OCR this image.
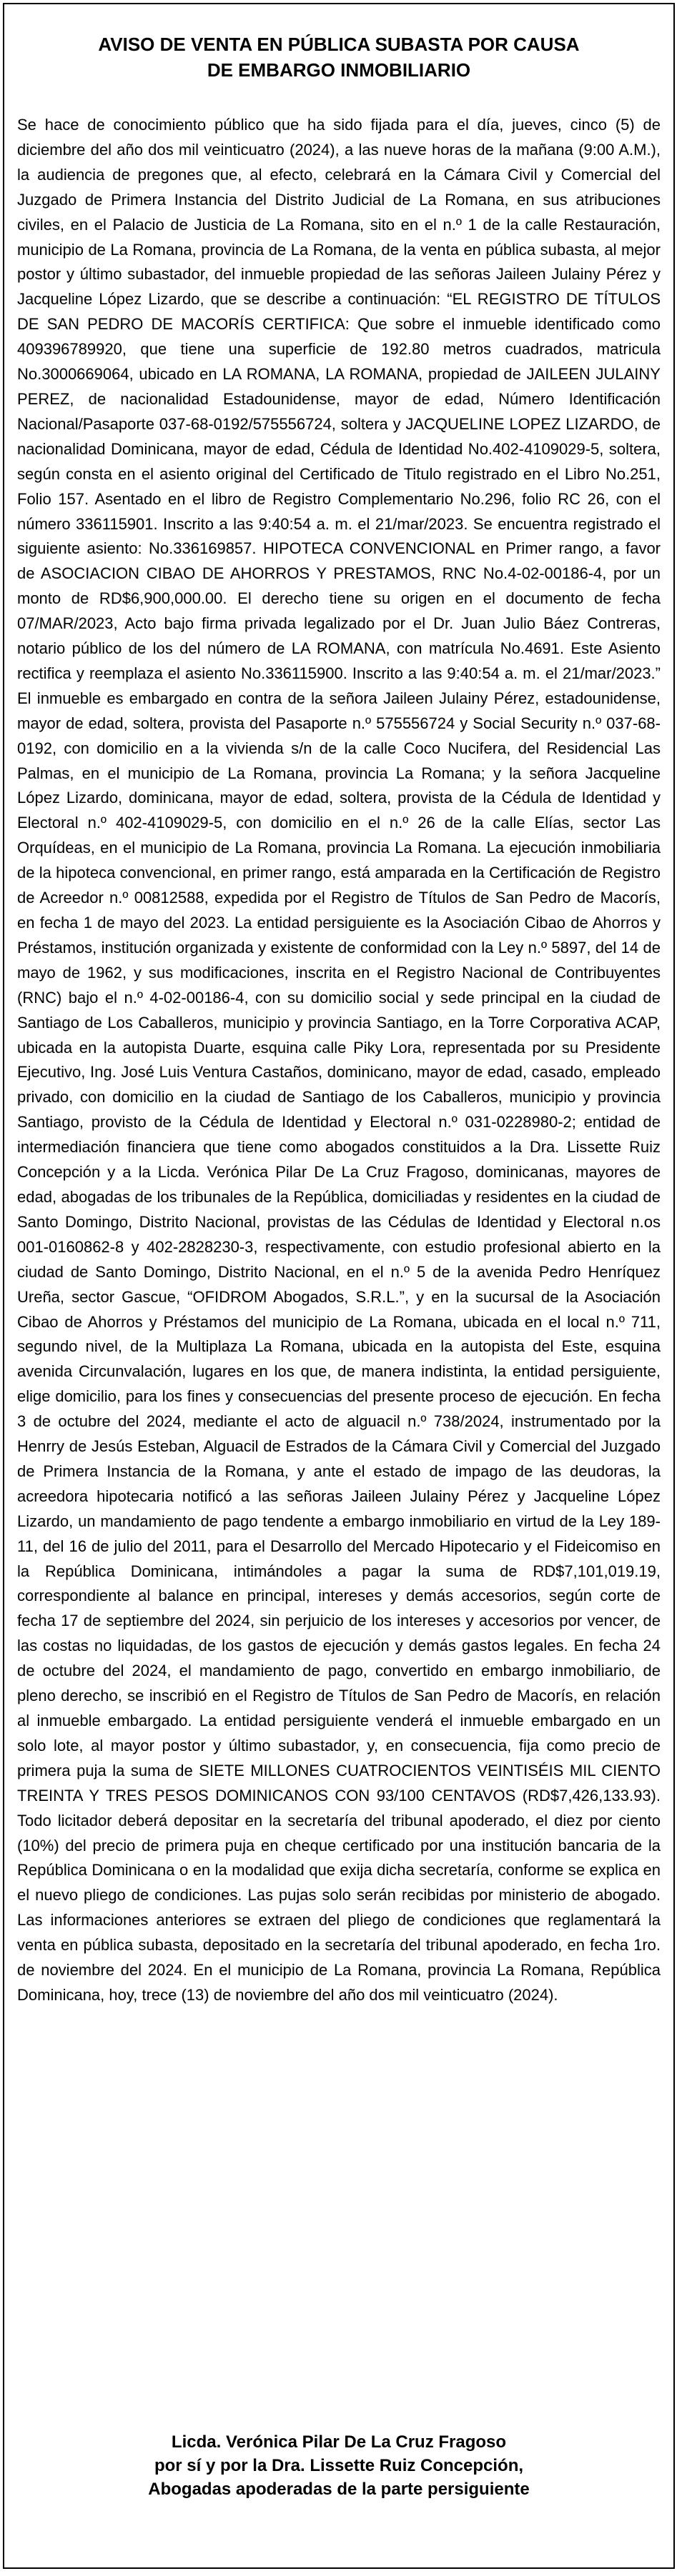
AVISO DE VENTA EN PÚBLICA SUBASTA POR CAUSA
DE EMBARGO INMOBILIARIO

Se hace de conocimiento público que ha sido fijada para el día, jueves, cinco (5) de diciembre del año dos mil veinticuatro (2024), a las nueve horas de la mañana (9:00 A.M.), la audiencia de pregones que, al efecto, celebrará en la Cámara Civil y Comercial del Juzgado de Primera Instancia del Distrito Judicial de La Romana, en sus atribuciones civiles, en el Palacio de Justicia de La Romana, sito en el n.º 1 de la calle Restauración, municipio de La Romana, provincia de La Romana, de la venta en pública subasta, al mejor postor y último subastador, del inmueble propiedad de las señoras Jaileen Julainy Pérez y Jacqueline López Lizardo, que se describe a continuación: “EL REGISTRO DE TÍTULOS DE SAN PEDRO DE MACORÍS CERTIFICA: Que sobre el inmueble identificado como 409396789920, que tiene una superficie de 192.80 metros cuadrados, matricula No.3000669064, ubicado en LA ROMANA, LA ROMANA, propiedad de JAILEEN JULAINY PEREZ, de nacionalidad Estadounidense, mayor de edad, Número Identificación Nacional/Pasaporte 037-68-0192/575556724, soltera y JACQUELINE LOPEZ LIZARDO, de nacionalidad Dominicana, mayor de edad, Cédula de Identidad No.402-4109029-5, soltera, según consta en el asiento original del Certificado de Titulo registrado en el Libro No.251, Folio 157. Asentado en el libro de Registro Complementario No.296, folio RC 26, con el número 336115901. Inscrito a las 9:40:54 a. m. el 21/mar/2023. Se encuentra registrado el siguiente asiento: No.336169857. HIPOTECA CONVENCIONAL en Primer rango, a favor de ASOCIACION CIBAO DE AHORROS Y PRESTAMOS, RNC No.4-02-00186-4, por un monto de RD$6,900,000.00. El derecho tiene su origen en el documento de fecha 07/MAR/2023, Acto bajo firma privada legalizado por el Dr. Juan Julio Báez Contreras, notario público de los del número de LA ROMANA, con matrícula No.4691. Este Asiento rectifica y reemplaza el asiento No.336115900. Inscrito a las 9:40:54 a. m. el 21/mar/2023.” El inmueble es embargado en contra de la señora Jaileen Julainy Pérez, estadounidense, mayor de edad, soltera, provista del Pasaporte n.º 575556724 y Social Security n.º 037-68-0192, con domicilio en a la vivienda s/n de la calle Coco Nucifera, del Residencial Las Palmas, en el municipio de La Romana, provincia La Romana; y la señora Jacqueline López Lizardo, dominicana, mayor de edad, soltera, provista de la Cédula de Identidad y Electoral n.º 402-4109029-5, con domicilio en el n.º 26 de la calle Elías, sector Las Orquídeas, en el municipio de La Romana, provincia La Romana. La ejecución inmobiliaria de la hipoteca convencional, en primer rango, está amparada en la Certificación de Registro de Acreedor n.º 00812588, expedida por el Registro de Títulos de San Pedro de Macorís, en fecha 1 de mayo del 2023. La entidad persiguiente es la Asociación Cibao de Ahorros y Préstamos, institución organizada y existente de conformidad con la Ley n.º 5897, del 14 de mayo de 1962, y sus modificaciones, inscrita en el Registro Nacional de Contribuyentes (RNC) bajo el n.º 4-02-00186-4, con su domicilio social y sede principal en la ciudad de Santiago de Los Caballeros, municipio y provincia Santiago, en la Torre Corporativa ACAP, ubicada en la autopista Duarte, esquina calle Piky Lora, representada por su Presidente Ejecutivo, Ing. José Luis Ventura Castaños, dominicano, mayor de edad, casado, empleado privado, con domicilio en la ciudad de Santiago de los Caballeros, municipio y provincia Santiago, provisto de la Cédula de Identidad y Electoral n.º 031-0228980-2; entidad de intermediación financiera que tiene como abogados constituidos a la Dra. Lissette Ruiz Concepción y a la Licda. Verónica Pilar De La Cruz Fragoso, dominicanas, mayores de edad, abogadas de los tribunales de la República, domiciliadas y residentes en la ciudad de Santo Domingo, Distrito Nacional, provistas de las Cédulas de Identidad y Electoral n.os 001-0160862-8 y 402-2828230-3, respectivamente, con estudio profesional abierto en la ciudad de Santo Domingo, Distrito Nacional, en el n.º 5 de la avenida Pedro Henríquez Ureña, sector Gascue, “OFIDROM Abogados, S.R.L.”, y en la sucursal de la Asociación Cibao de Ahorros y Préstamos del municipio de La Romana, ubicada en el local n.º 711, segundo nivel, de la Multiplaza La Romana, ubicada en la autopista del Este, esquina avenida Circunvalación, lugares en los que, de manera indistinta, la entidad persiguiente, elige domicilio, para los fines y consecuencias del presente proceso de ejecución. En fecha 3 de octubre del 2024, mediante el acto de alguacil n.º 738/2024, instrumentado por la Henrry de Jesús Esteban, Alguacil de Estrados de la Cámara Civil y Comercial del Juzgado de Primera Instancia de la Romana, y ante el estado de impago de las deudoras, la acreedora hipotecaria notificó a las señoras Jaileen Julainy Pérez y Jacqueline López Lizardo, un mandamiento de pago tendente a embargo inmobiliario en virtud de la Ley 189-11, del 16 de julio del 2011, para el Desarrollo del Mercado Hipotecario y el Fideicomiso en la República Dominicana, intimándoles a pagar la suma de RD$7,101,019.19, correspondiente al balance en principal, intereses y demás accesorios, según corte de fecha 17 de septiembre del 2024, sin perjuicio de los intereses y accesorios por vencer, de las costas no liquidadas, de los gastos de ejecución y demás gastos legales. En fecha 24 de octubre del 2024, el mandamiento de pago, convertido en embargo inmobiliario, de pleno derecho, se inscribió en el Registro de Títulos de San Pedro de Macorís, en relación al inmueble embargado. La entidad persiguiente venderá el inmueble embargado en un solo lote, al mayor postor y último subastador, y, en consecuencia, fija como precio de primera puja la suma de SIETE MILLONES CUATROCIENTOS VEINTISÉIS MIL CIENTO TREINTA Y TRES PESOS DOMINICANOS CON 93/100 CENTAVOS (RD$7,426,133.93). Todo licitador deberá depositar en la secretaría del tribunal apoderado, el diez por ciento (10%) del precio de primera puja en cheque certificado por una institución bancaria de la República Dominicana o en la modalidad que exija dicha secretaría, conforme se explica en el nuevo pliego de condiciones. Las pujas solo serán recibidas por ministerio de abogado. Las informaciones anteriores se extraen del pliego de condiciones que reglamentará la venta en pública subasta, depositado en la secretaría del tribunal apoderado, en fecha 1ro. de noviembre del 2024. En el municipio de La Romana, provincia La Romana, República Dominicana, hoy, trece (13) de noviembre del año dos mil veinticuatro (2024).

Licda. Verónica Pilar De La Cruz Fragoso
por sí y por la Dra. Lissette Ruiz Concepción,
Abogadas apoderadas de la parte persiguiente
